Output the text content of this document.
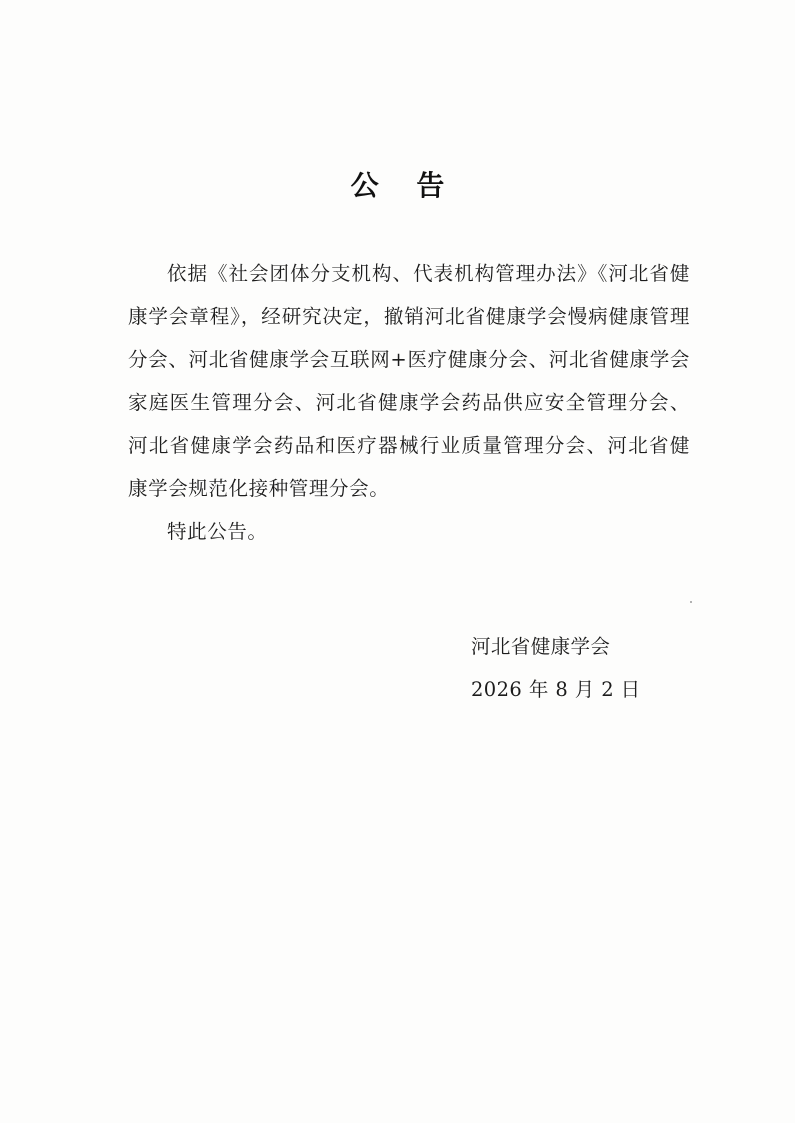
公 告

依据《社会团体分支机构、代表机构管理办法》《河北省健康学会章程》，经研究决定，撤销河北省健康学会慢病健康管理分会、河北省健康学会互联网+医疗健康分会、河北省健康学会家庭医生管理分会、河北省健康学会药品供应安全管理分会、河北省健康学会药品和医疗器械行业质量管理分会、河北省健康学会规范化接种管理分会。

特此公告。

河北省健康学会
2026 年 8 月 2 日
